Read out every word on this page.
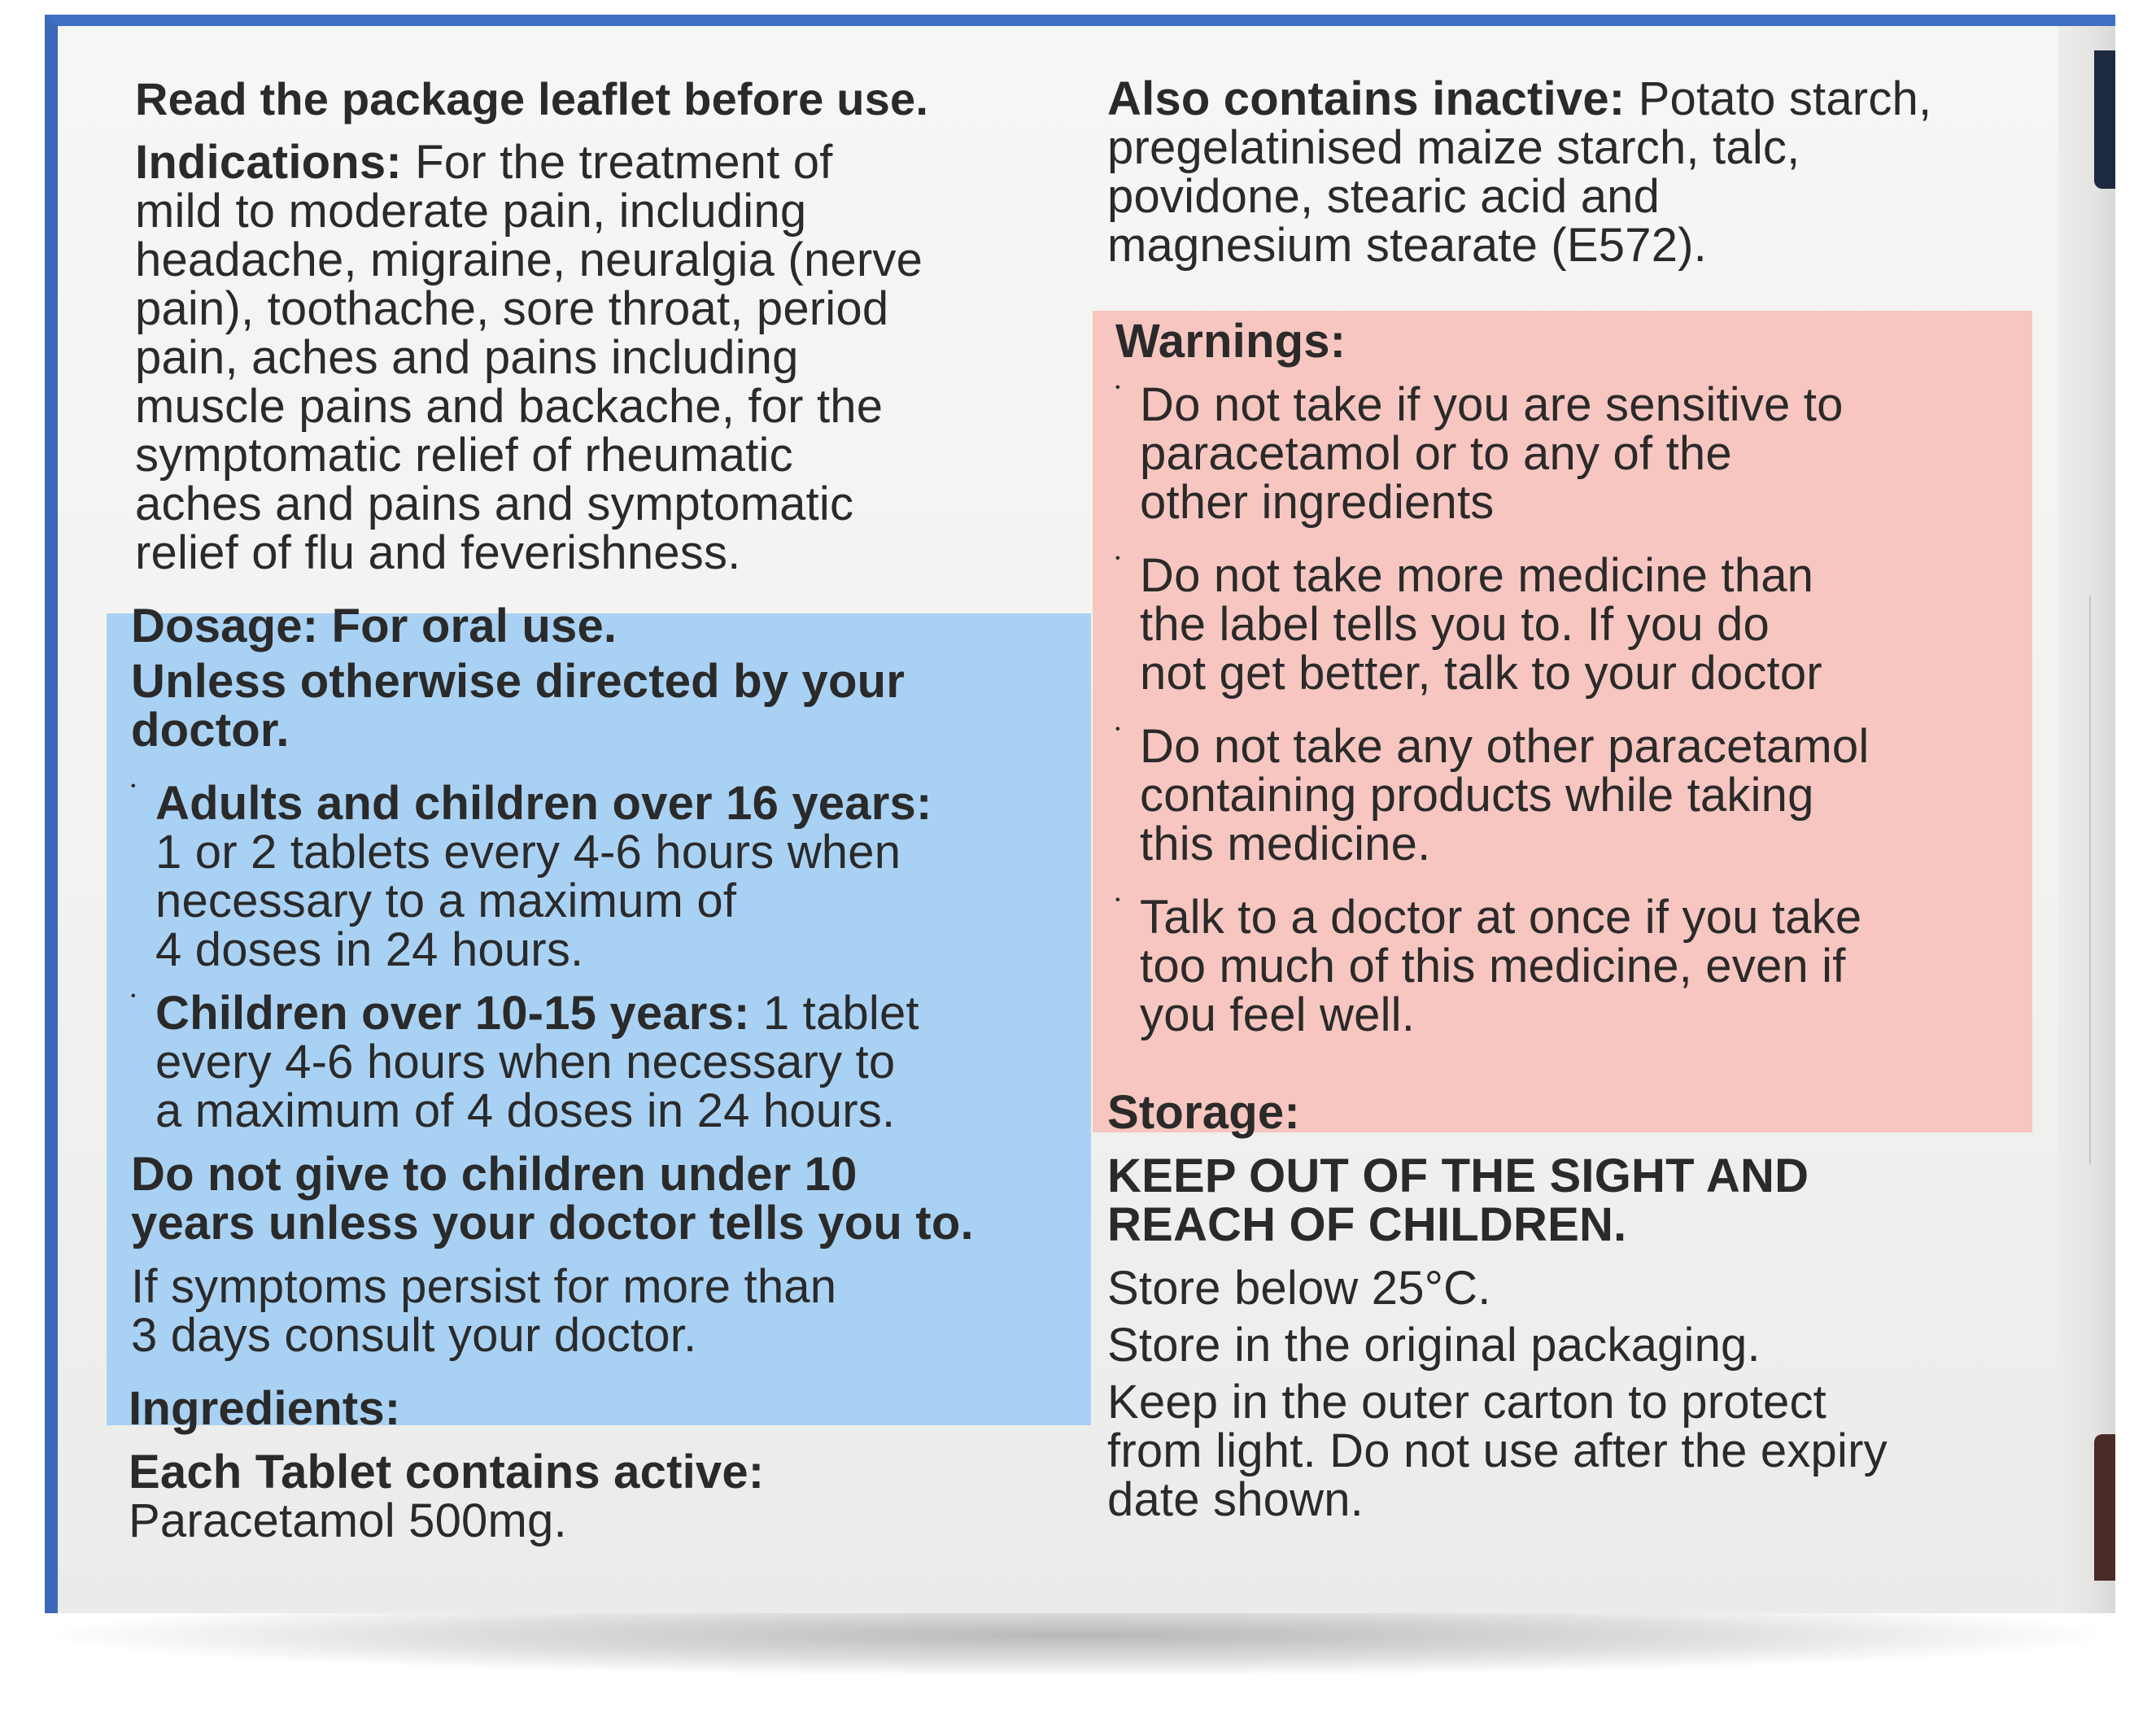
Read the package leaflet before use.

Indications: For the treatment of

mild to moderate pain, including

headache, migraine, neuralgia (nerve

pain), toothache, sore throat, period

pain, aches and pains including

muscle pains and backache, for the

symptomatic relief of rheumatic

aches and pains and symptomatic

relief of flu and feverishness.

Dosage: For oral use.

Unless otherwise directed by your

doctor.

• Adults and children over 16 years:

1 or 2 tablets every 4-6 hours when

necessary to a maximum of

4 doses in 24 hours.

• Children over 10-15 years: 1 tablet

every 4-6 hours when necessary to

a maximum of 4 doses in 24 hours.

Do not give to children under 10

years unless your doctor tells you to.

If symptoms persist for more than

3 days consult your doctor.

Ingredients:

Each Tablet contains active:

Paracetamol 500mg.

Also contains inactive: Potato starch,

pregelatinised maize starch, talc,

povidone, stearic acid and

magnesium stearate (E572).

Warnings:

• Do not take if you are sensitive to

paracetamol or to any of the

other ingredients

• Do not take more medicine than

the label tells you to. If you do

not get better, talk to your doctor

• Do not take any other paracetamol

containing products while taking

this medicine.

• Talk to a doctor at once if you take

too much of this medicine, even if

you feel well.

Storage:

KEEP OUT OF THE SIGHT AND

REACH OF CHILDREN.

Store below 25°C.

Store in the original packaging.

Keep in the outer carton to protect

from light. Do not use after the expiry

date shown.
